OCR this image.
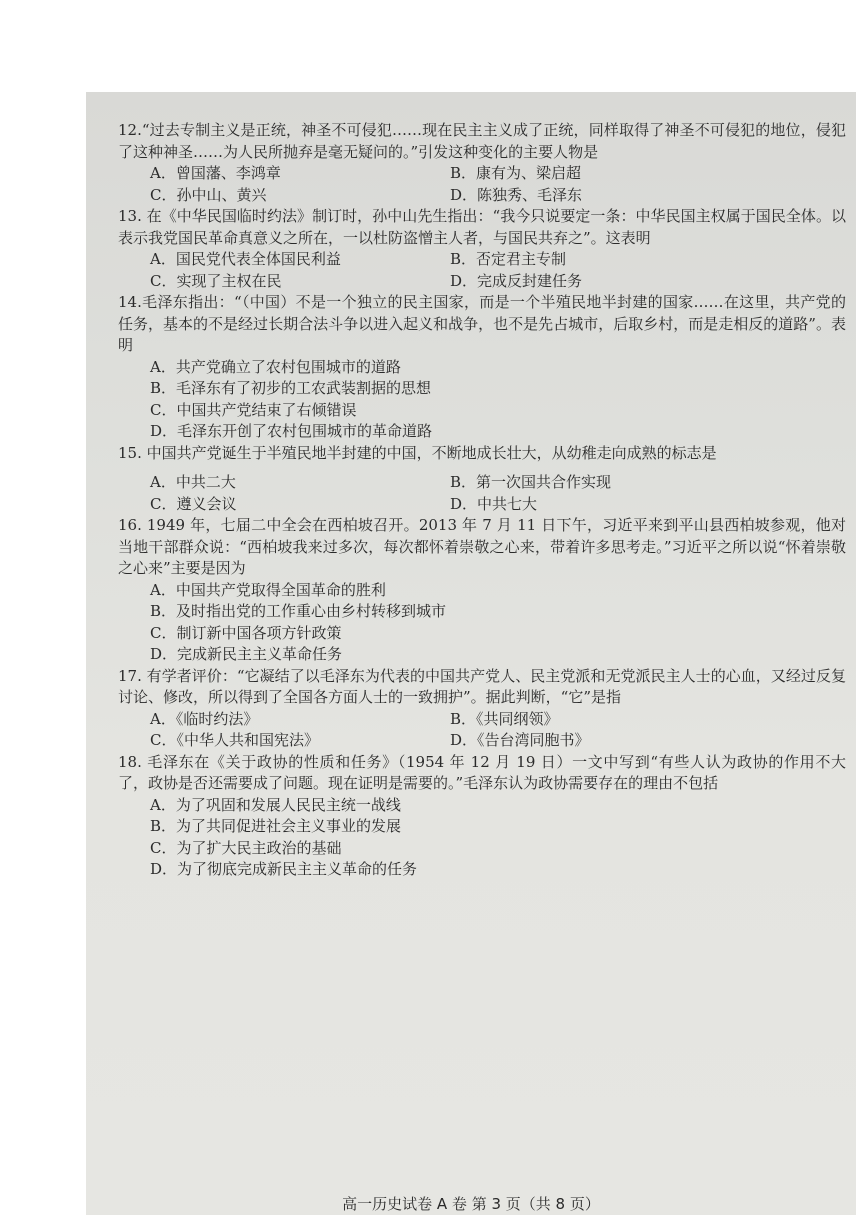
12.“过去专制主义是正统，神圣不可侵犯……现在民主主义成了正统，同样取得了神圣不可侵犯的地位，侵犯了这种神圣……为人民所抛弃是毫无疑问的。”引发这种变化的主要人物是
A．曾国藩、李鸿章	B．康有为、梁启超
C．孙中山、黄兴	D．陈独秀、毛泽东
13. 在《中华民国临时约法》制订时，孙中山先生指出：“我今只说要定一条：中华民国主权属于国民全体。以表示我党国民革命真意义之所在，一以杜防盗憎主人者，与国民共弃之”。这表明
A．国民党代表全体国民利益	B．否定君主专制
C．实现了主权在民	D．完成反封建任务
14.毛泽东指出：“（中国）不是一个独立的民主国家，而是一个半殖民地半封建的国家……在这里，共产党的任务，基本的不是经过长期合法斗争以进入起义和战争，也不是先占城市，后取乡村，而是走相反的道路”。表明
A．共产党确立了农村包围城市的道路
B．毛泽东有了初步的工农武装割据的思想
C．中国共产党结束了右倾错误
D．毛泽东开创了农村包围城市的革命道路
15. 中国共产党诞生于半殖民地半封建的中国，不断地成长壮大，从幼稚走向成熟的标志是
A．中共二大	B．第一次国共合作实现
C．遵义会议	D．中共七大
16. 1949 年，七届二中全会在西柏坡召开。2013 年 7 月 11 日下午，习近平来到平山县西柏坡参观，他对当地干部群众说：“西柏坡我来过多次，每次都怀着崇敬之心来，带着许多思考走。”习近平之所以说“怀着崇敬之心来”主要是因为
A．中国共产党取得全国革命的胜利
B．及时指出党的工作重心由乡村转移到城市
C．制订新中国各项方针政策
D．完成新民主主义革命任务
17. 有学者评价：“它凝结了以毛泽东为代表的中国共产党人、民主党派和无党派民主人士的心血，又经过反复讨论、修改，所以得到了全国各方面人士的一致拥护”。据此判断，“它”是指
A．《临时约法》	B．《共同纲领》
C．《中华人共和国宪法》	D．《告台湾同胞书》
18. 毛泽东在《关于政协的性质和任务》（1954 年 12 月 19 日）一文中写到“有些人认为政协的作用不大了，政协是否还需要成了问题。现在证明是需要的。”毛泽东认为政协需要存在的理由不包括
A．为了巩固和发展人民民主统一战线
B．为了共同促进社会主义事业的发展
C．为了扩大民主政治的基础
D．为了彻底完成新民主主义革命的任务
高一历史试卷 A 卷 第 3 页（共 8 页）
